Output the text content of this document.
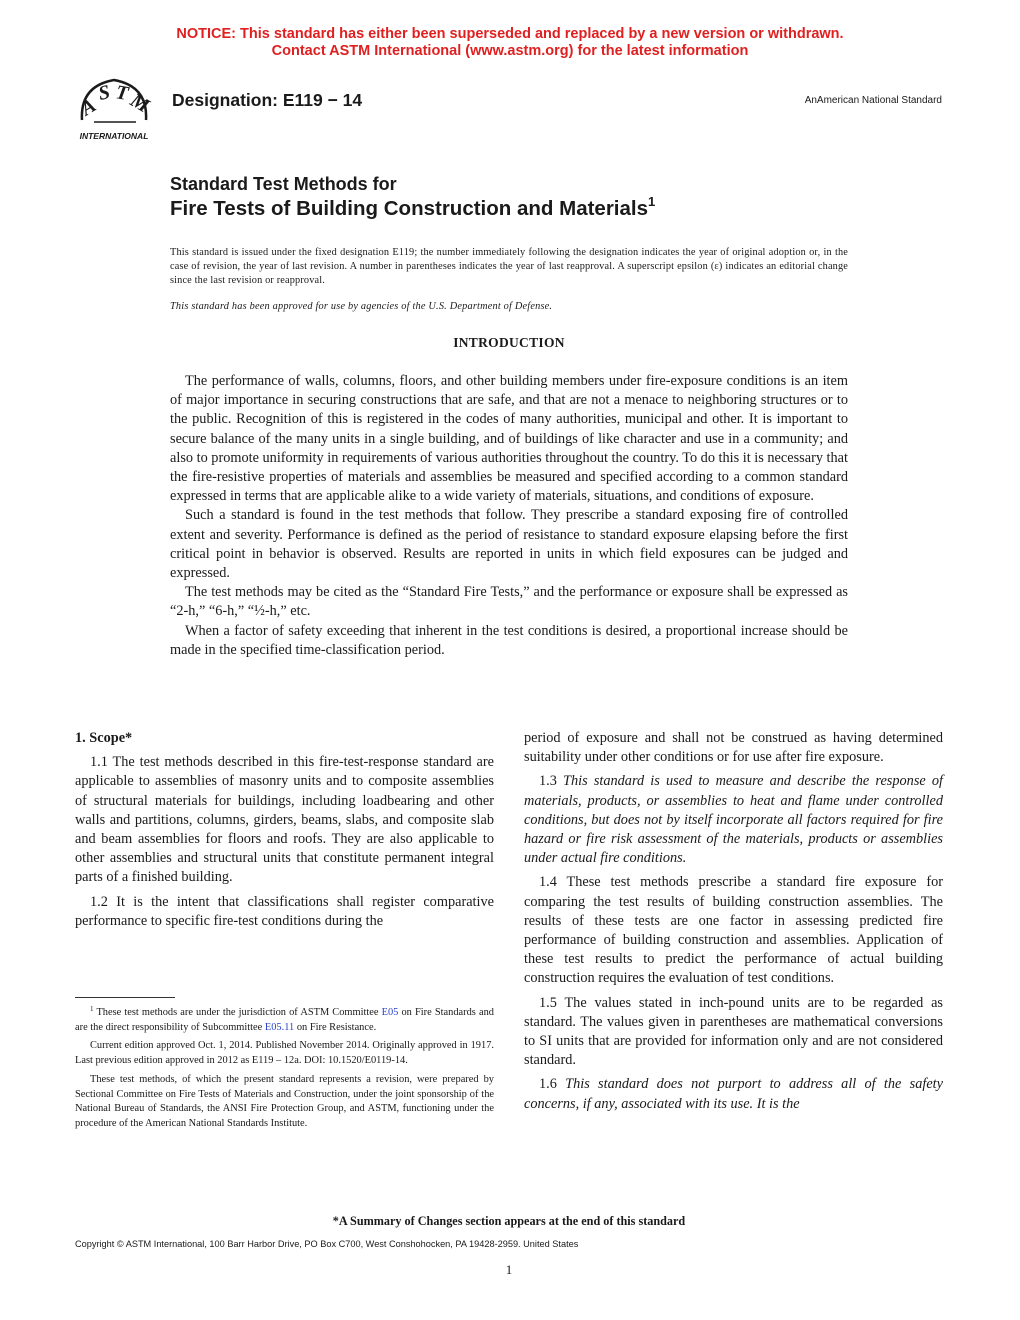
NOTICE: This standard has either been superseded and replaced by a new version or withdrawn.
Contact ASTM International (www.astm.org) for the latest information
A
S T
M
INTERNATIONAL
Designation: E119 − 14	AnAmerican National Standard
Standard Test Methods for
Fire Tests of Building Construction and Materials$^1$
This standard is issued under the fixed designation E119; the number immediately following the designation indicates the year of original adoption or, in the case of revision, the year of last revision. A number in parentheses indicates the year of last reapproval. A superscript epsilon (ε) indicates an editorial change since the last revision or reapproval.
This standard has been approved for use by agencies of the U.S. Department of Defense.
INTRODUCTION

The performance of walls, columns, floors, and other building members under fire-exposure conditions is an item of major importance in securing constructions that are safe, and that are not a menace to neighboring structures or to the public. Recognition of this is registered in the codes of many authorities, municipal and other. It is important to secure balance of the many units in a single building, and of buildings of like character and use in a community; and also to promote uniformity in requirements of various authorities throughout the country. To do this it is necessary that the fire-resistive properties of materials and assemblies be measured and specified according to a common standard expressed in terms that are applicable alike to a wide variety of materials, situations, and conditions of exposure.

Such a standard is found in the test methods that follow. They prescribe a standard exposing fire of controlled extent and severity. Performance is defined as the period of resistance to standard exposure elapsing before the first critical point in behavior is observed. Results are reported in units in which field exposures can be judged and expressed.

The test methods may be cited as the “Standard Fire Tests,” and the performance or exposure shall be expressed as “2-h,” “6-h,” “½-h,” etc.

When a factor of safety exceeding that inherent in the test conditions is desired, a proportional increase should be made in the specified time-classification period.

1. Scope*

1.1 The test methods described in this fire-test-response standard are applicable to assemblies of masonry units and to composite assemblies of structural materials for buildings, including loadbearing and other walls and partitions, columns, girders, beams, slabs, and composite slab and beam assemblies for floors and roofs. They are also applicable to other assemblies and structural units that constitute permanent integral parts of a finished building.

1.2 It is the intent that classifications shall register comparative performance to specific fire-test conditions during the

period of exposure and shall not be construed as having determined suitability under other conditions or for use after fire exposure.

1.3 This standard is used to measure and describe the response of materials, products, or assemblies to heat and flame under controlled conditions, but does not by itself incorporate all factors required for fire hazard or fire risk assessment of the materials, products or assemblies under actual fire conditions.

1.4 These test methods prescribe a standard fire exposure for comparing the test results of building construction assemblies. The results of these tests are one factor in assessing predicted fire performance of building construction and assemblies. Application of these test results to predict the performance of actual building construction requires the evaluation of test conditions.

1.5 The values stated in inch-pound units are to be regarded as standard. The values given in parentheses are mathematical conversions to SI units that are provided for information only and are not considered standard.

1.6 This standard does not purport to address all of the safety concerns, if any, associated with its use. It is the

$^1$ These test methods are under the jurisdiction of ASTM Committee E05 on Fire Standards and are the direct responsibility of Subcommittee E05.11 on Fire Resistance.

Current edition approved Oct. 1, 2014. Published November 2014. Originally approved in 1917. Last previous edition approved in 2012 as E119 – 12a. DOI: 10.1520/E0119-14.

These test methods, of which the present standard represents a revision, were prepared by Sectional Committee on Fire Tests of Materials and Construction, under the joint sponsorship of the National Bureau of Standards, the ANSI Fire Protection Group, and ASTM, functioning under the procedure of the American National Standards Institute.

*A Summary of Changes section appears at the end of this standard
Copyright © ASTM International, 100 Barr Harbor Drive, PO Box C700, West Conshohocken, PA 19428-2959. United States
1
